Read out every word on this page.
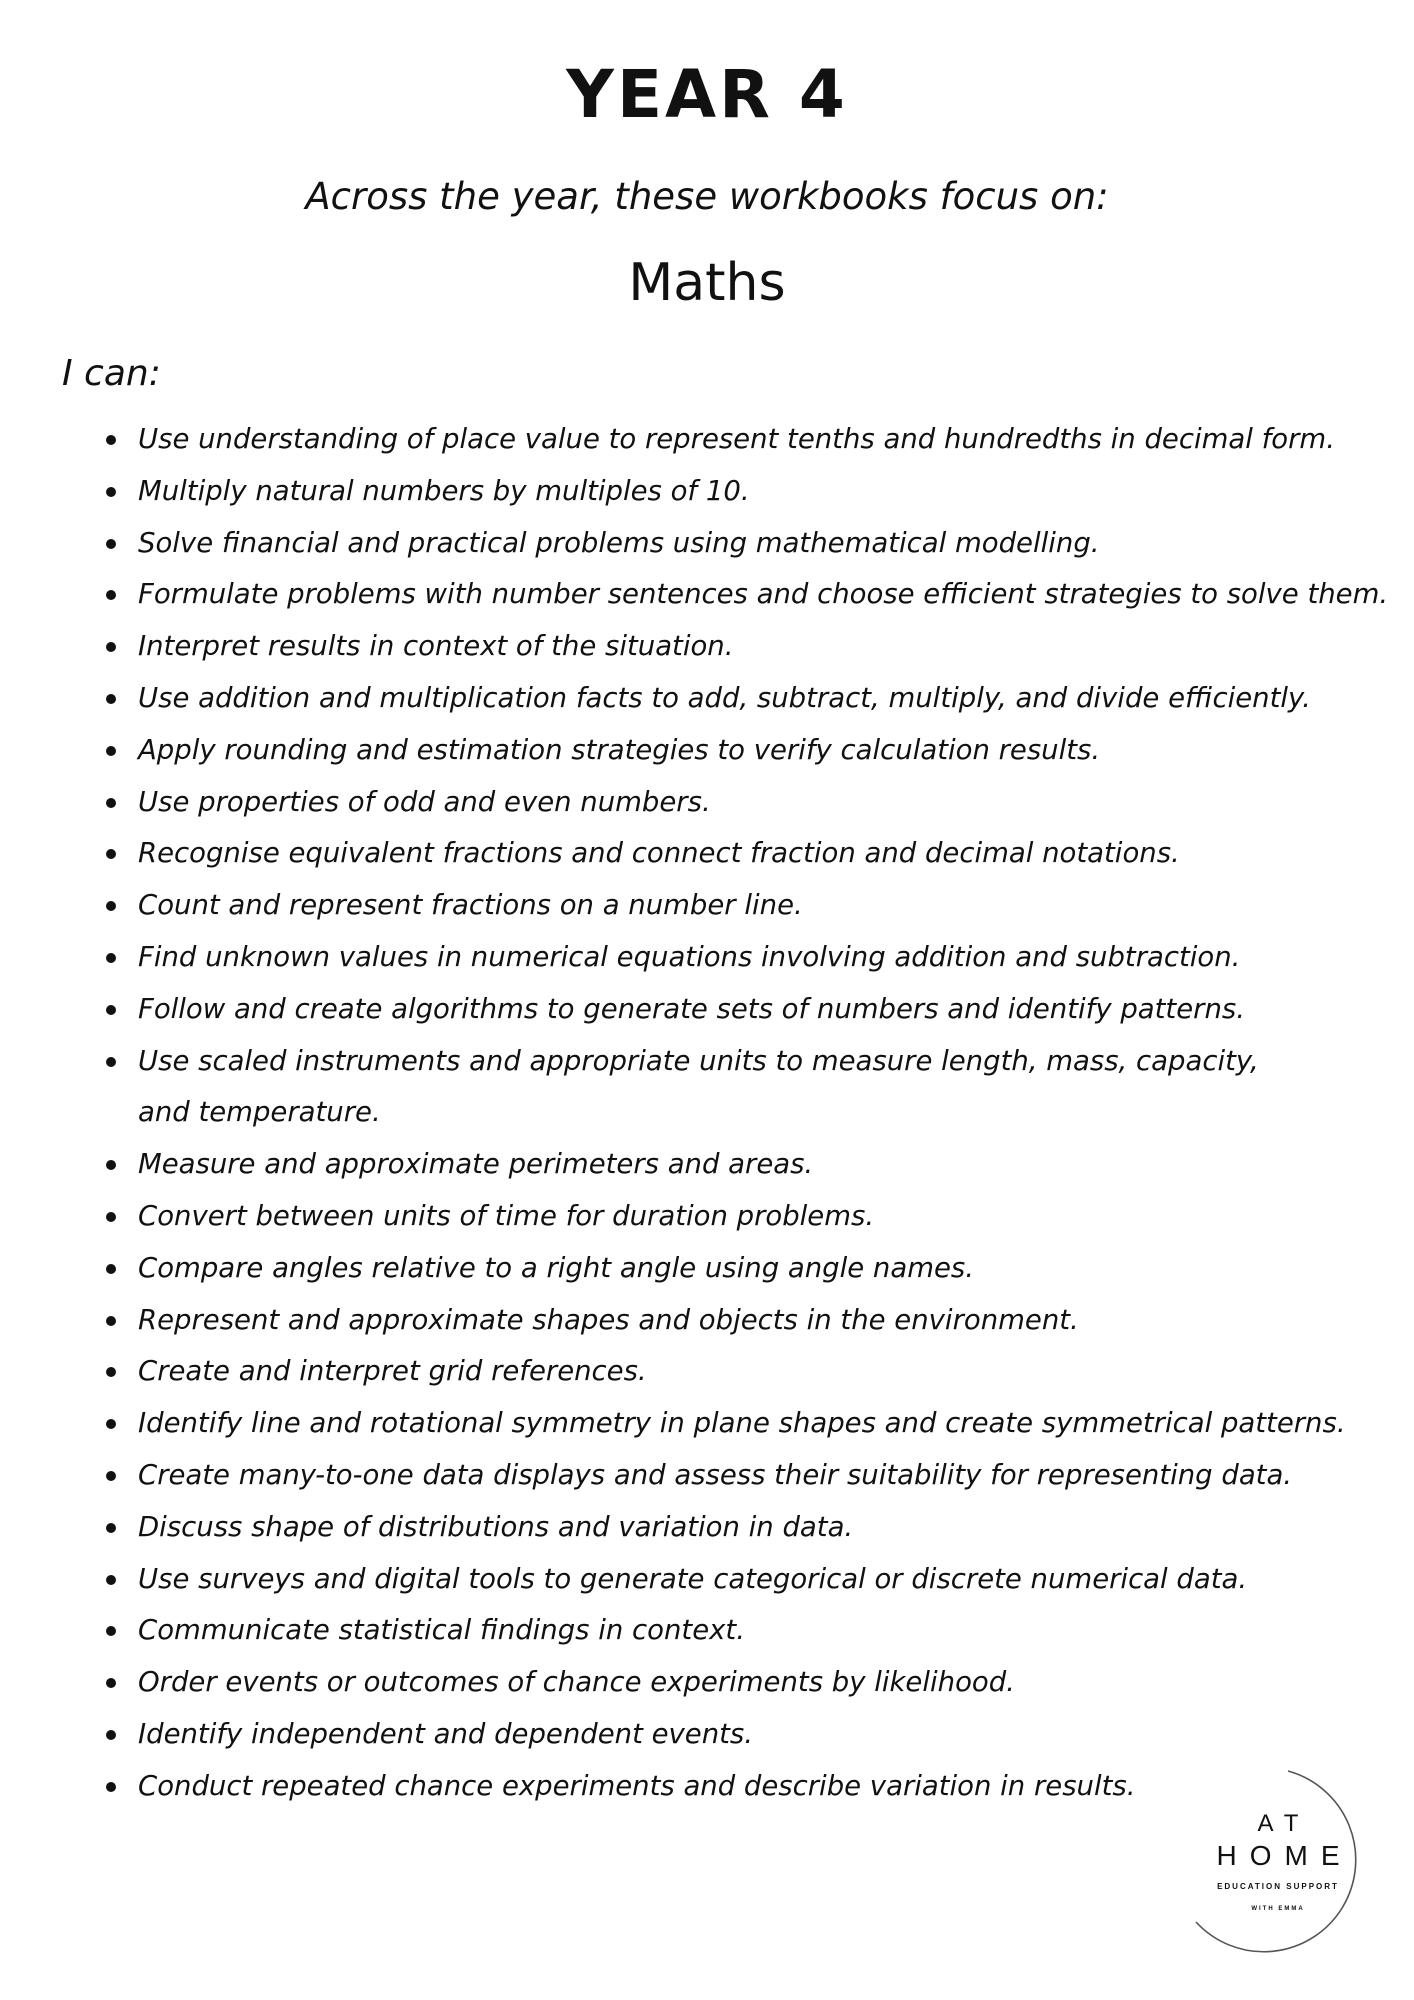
YEAR 4
Across the year, these workbooks focus on:
Maths
I can:
Use understanding of place value to represent tenths and hundredths in decimal form.
Multiply natural numbers by multiples of 10.
Solve financial and practical problems using mathematical modelling.
Formulate problems with number sentences and choose efficient strategies to solve them.
Interpret results in context of the situation.
Use addition and multiplication facts to add, subtract, multiply, and divide efficiently.
Apply rounding and estimation strategies to verify calculation results.
Use properties of odd and even numbers.
Recognise equivalent fractions and connect fraction and decimal notations.
Count and represent fractions on a number line.
Find unknown values in numerical equations involving addition and subtraction.
Follow and create algorithms to generate sets of numbers and identify patterns.
Use scaled instruments and appropriate units to measure length, mass, capacity, and temperature.
Measure and approximate perimeters and areas.
Convert between units of time for duration problems.
Compare angles relative to a right angle using angle names.
Represent and approximate shapes and objects in the environment.
Create and interpret grid references.
Identify line and rotational symmetry in plane shapes and create symmetrical patterns.
Create many-to-one data displays and assess their suitability for representing data.
Discuss shape of distributions and variation in data.
Use surveys and digital tools to generate categorical or discrete numerical data.
Communicate statistical findings in context.
Order events or outcomes of chance experiments by likelihood.
Identify independent and dependent events.
Conduct repeated chance experiments and describe variation in results.
AT
HOME
EDUCATION SUPPORT
WITH EMMA
